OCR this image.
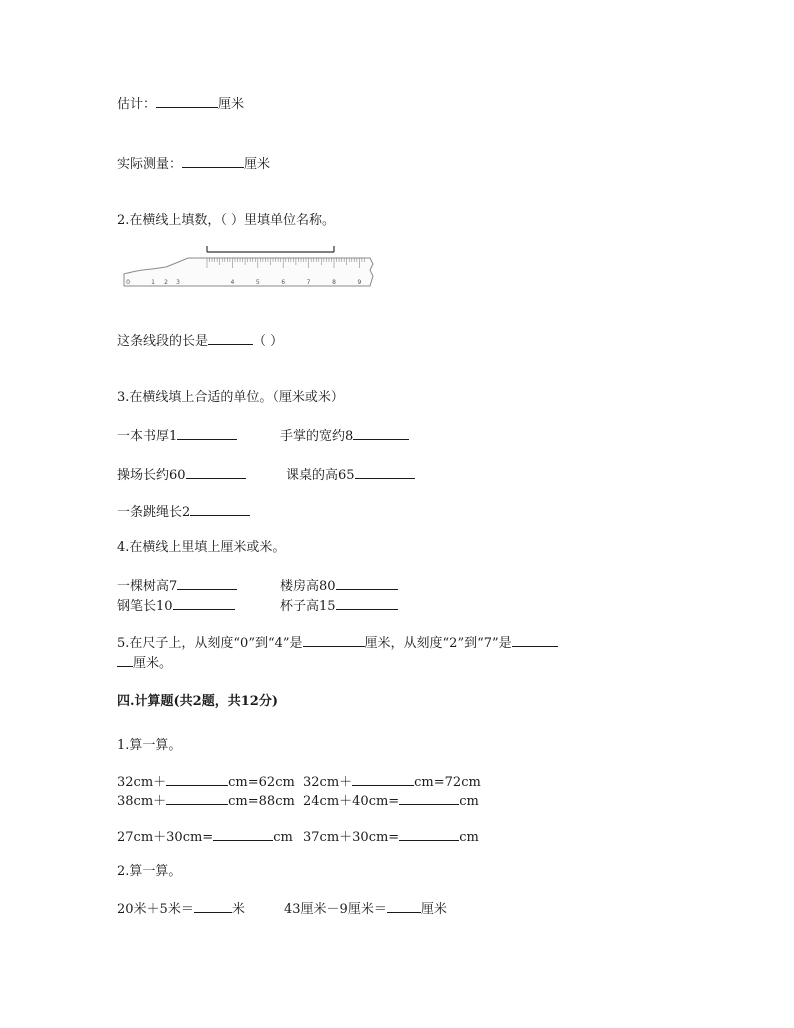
估计：	厘米
实际测量：	厘米
2.在横线上填数，（ ）里填单位名称。
0	1 2 3	4	5	6	7	8	9
这条线段的长是	（ ）
3.在横线填上合适的单位。（厘米或米）
一本书厚1	手掌的宽约8
操场长约60	课桌的高65
一条跳绳长2
4.在横线上里填上厘米或米。
一棵树高7	楼房高80
钢笔长10	杯子高15
5.在尺子上，从刻度“0”到“4”是	厘米，从刻度“2”到“7”是
厘米。
四.计算题(共2题，共12分)
1.算一算。
32cm＋	cm=62cm 32cm＋	cm=72cm
38cm＋	cm=88cm 24cm＋40cm=	cm
27cm＋30cm=	cm 37cm＋30cm=	cm
2.算一算。
20米＋5米＝	米	43厘米－9厘米＝	厘米
